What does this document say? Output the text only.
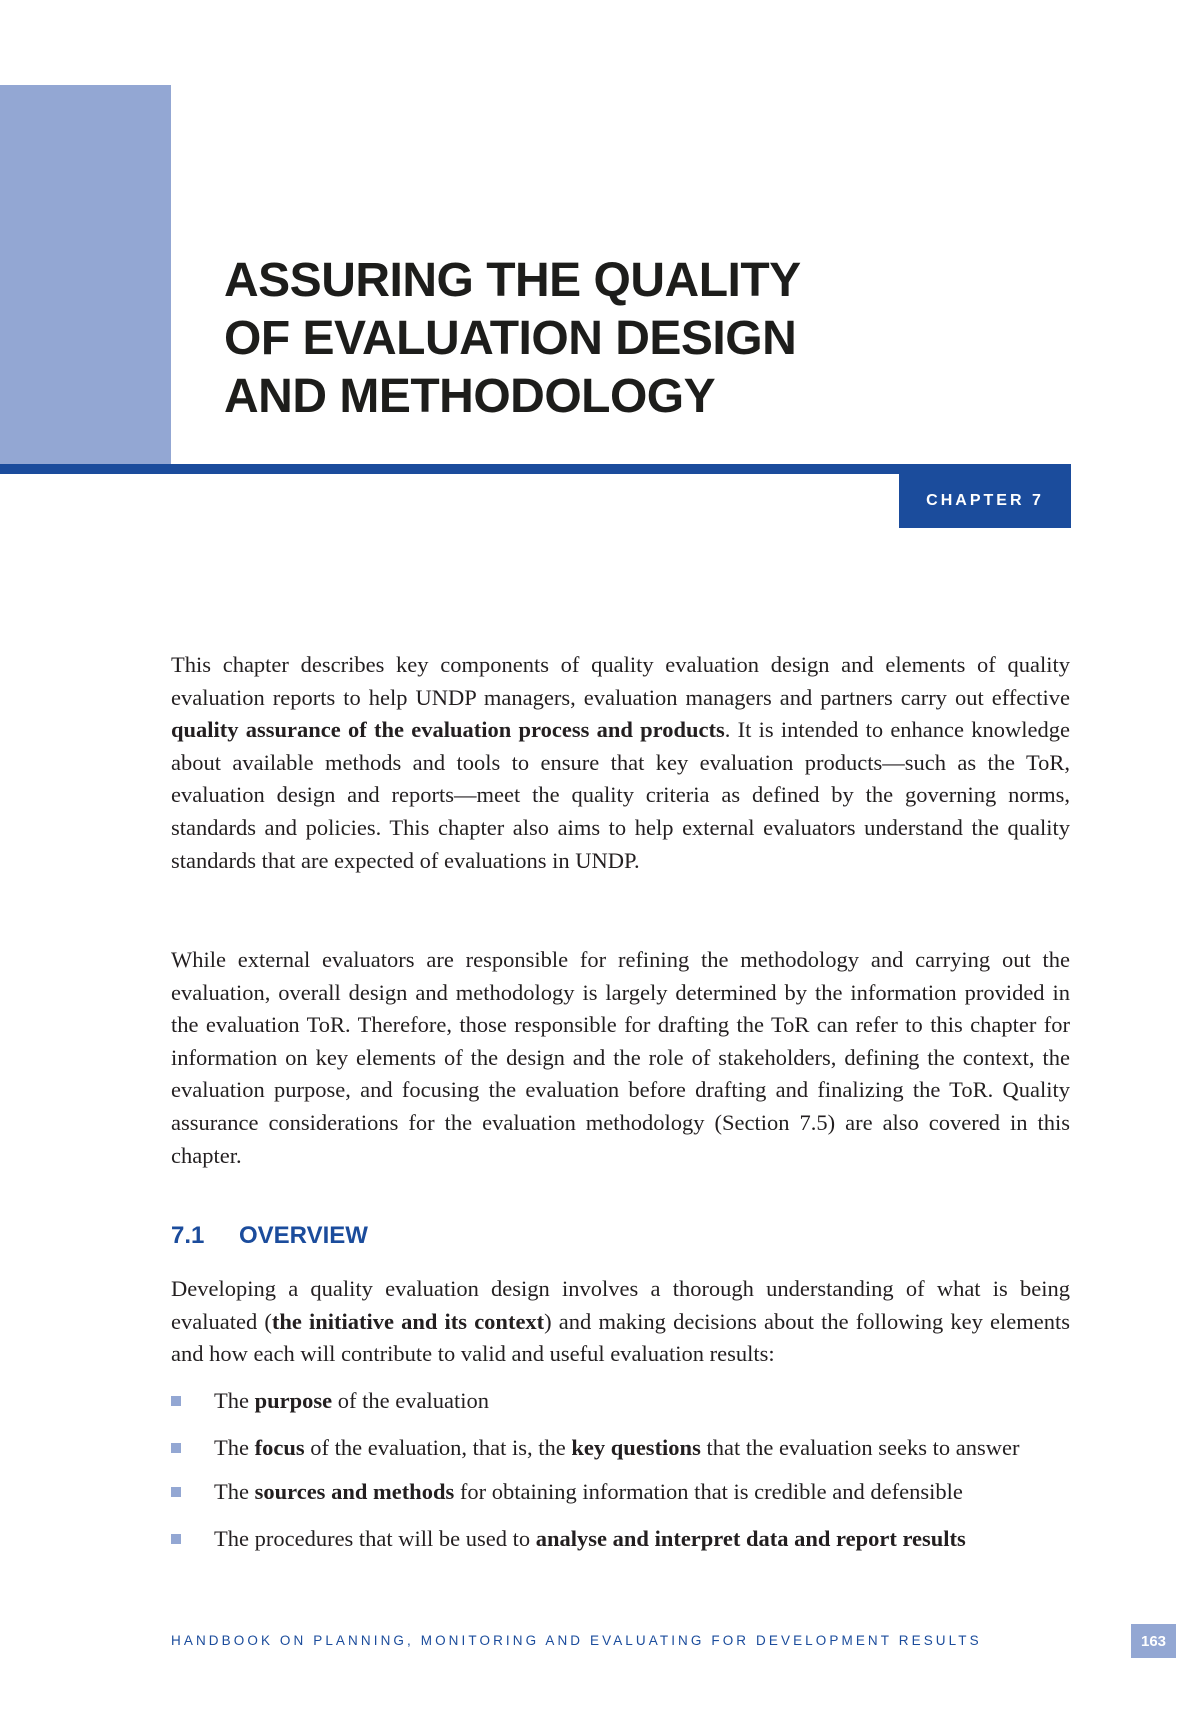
ASSURING THE QUALITY
OF EVALUATION DESIGN
AND METHODOLOGY
CHAPTER 7

This chapter describes key components of quality evaluation design and elements of quality evaluation reports to help UNDP managers, evaluation managers and partners carry out effective quality assurance of the evaluation process and products. It is intended to enhance knowledge about available methods and tools to ensure that key evaluation products—such as the ToR, evaluation design and reports—meet the quality criteria as defined by the governing norms, standards and policies. This chapter also aims to help external evaluators understand the quality standards that are expected of evaluations in UNDP.

While external evaluators are responsible for refining the methodology and carrying out the evaluation, overall design and methodology is largely determined by the information provided in the evaluation ToR. Therefore, those responsible for drafting the ToR can refer to this chapter for information on key elements of the design and the role of stakeholders, defining the context, the evaluation purpose, and focusing the evaluation before drafting and finalizing the ToR. Quality assurance considerations for the evaluation methodology (Section 7.5) are also covered in this chapter.

7.1 OVERVIEW

Developing a quality evaluation design involves a thorough understanding of what is being evaluated (the initiative and its context) and making decisions about the following key elements and how each will contribute to valid and useful evaluation results:

The purpose of the evaluation
The focus of the evaluation, that is, the key questions that the evaluation seeks to answer
The sources and methods for obtaining information that is credible and defensible
The procedures that will be used to analyse and interpret data and report results
HANDBOOK ON PLANNING, MONITORING AND EVALUATING FOR DEVELOPMENT RESULTS	163
